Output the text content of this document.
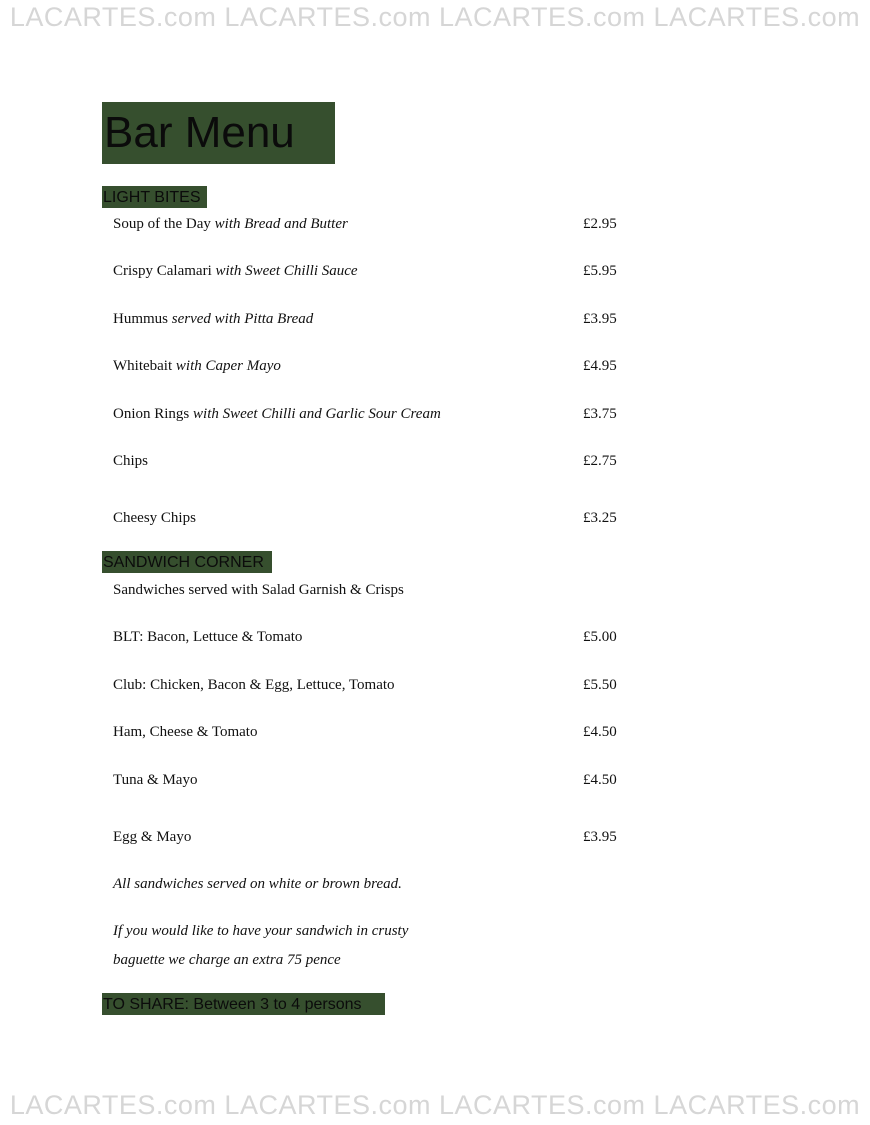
LACARTES.com LACARTES.com LACARTES.com LACARTES.com
Bar Menu
LIGHT BITES
Soup of the Day with Bread and Butter	£2.95
Crispy Calamari with Sweet Chilli Sauce	£5.95
Hummus served with Pitta Bread	£3.95
Whitebait with Caper Mayo	£4.95
Onion Rings with Sweet Chilli and Garlic Sour Cream	£3.75
Chips	£2.75
Cheesy Chips	£3.25
SANDWICH CORNER
Sandwiches served with Salad Garnish & Crisps
BLT: Bacon, Lettuce & Tomato	£5.00
Club: Chicken, Bacon & Egg, Lettuce, Tomato	£5.50
Ham, Cheese & Tomato	£4.50
Tuna & Mayo	£4.50
Egg & Mayo	£3.95
All sandwiches served on white or brown bread.
If you would like to have your sandwich in crusty
baguette we charge an extra 75 pence
TO SHARE: Between 3 to 4 persons
LACARTES.com LACARTES.com LACARTES.com LACARTES.com
